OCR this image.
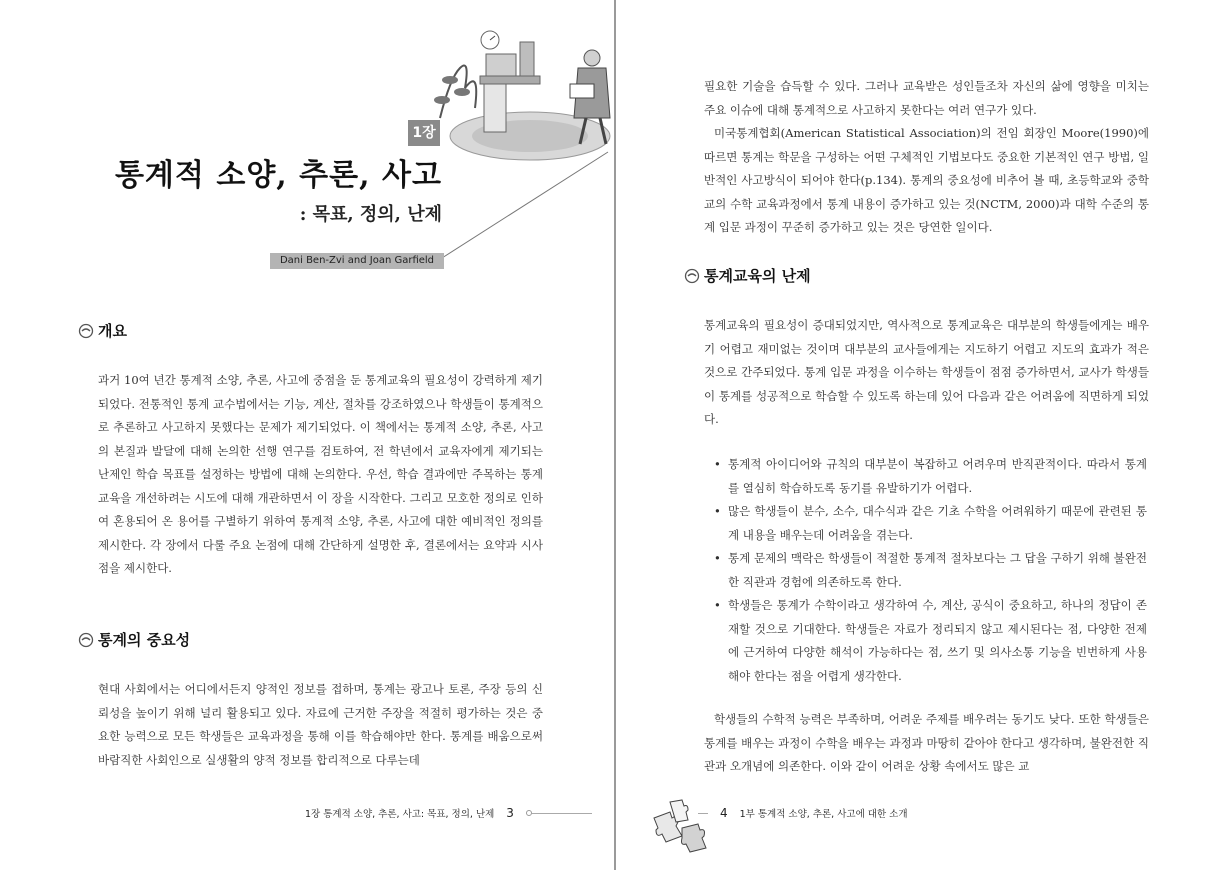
1장
통계적 소양, 추론, 사고
: 목표, 정의, 난제
Dani Ben-Zvi and Joan Garfield
개요

과거 10여 년간 통계적 소양, 추론, 사고에 중점을 둔 통계교육의 필요성이 강력하게 제기되었다. 전통적인 통계 교수법에서는 기능, 계산, 절차를 강조하였으나 학생들이 통계적으로 추론하고 사고하지 못했다는 문제가 제기되었다. 이 책에서는 통계적 소양, 추론, 사고의 본질과 발달에 대해 논의한 선행 연구를 검토하여, 전 학년에서 교육자에게 제기되는 난제인 학습 목표를 설정하는 방법에 대해 논의한다. 우선, 학습 결과에만 주목하는 통계교육을 개선하려는 시도에 대해 개관하면서 이 장을 시작한다. 그리고 모호한 정의로 인하여 혼용되어 온 용어를 구별하기 위하여 통계적 소양, 추론, 사고에 대한 예비적인 정의를 제시한다. 각 장에서 다룰 주요 논점에 대해 간단하게 설명한 후, 결론에서는 요약과 시사점을 제시한다.

통계의 중요성

현대 사회에서는 어디에서든지 양적인 정보를 접하며, 통계는 광고나 토론, 주장 등의 신뢰성을 높이기 위해 널리 활용되고 있다. 자료에 근거한 주장을 적절히 평가하는 것은 중요한 능력으로 모든 학생들은 교육과정을 통해 이를 학습해야만 한다. 통계를 배움으로써 바람직한 사회인으로 실생활의 양적 정보를 합리적으로 다루는데

1장 통계적 소양, 추론, 사고: 목표, 정의, 난제 3

필요한 기술을 습득할 수 있다. 그러나 교육받은 성인들조차 자신의 삶에 영향을 미치는 주요 이슈에 대해 통계적으로 사고하지 못한다는 여러 연구가 있다.

미국통계협회(American Statistical Association)의 전임 회장인 Moore(1990)에 따르면 통계는 학문을 구성하는 어떤 구체적인 기법보다도 중요한 기본적인 연구 방법, 일반적인 사고방식이 되어야 한다(p.134). 통계의 중요성에 비추어 볼 때, 초등학교와 중학교의 수학 교육과정에서 통계 내용이 증가하고 있는 것(NCTM, 2000)과 대학 수준의 통계 입문 과정이 꾸준히 증가하고 있는 것은 당연한 일이다.

통계교육의 난제

통계교육의 필요성이 증대되었지만, 역사적으로 통계교육은 대부분의 학생들에게는 배우기 어렵고 재미없는 것이며 대부분의 교사들에게는 지도하기 어렵고 지도의 효과가 적은 것으로 간주되었다. 통계 입문 과정을 이수하는 학생들이 점점 증가하면서, 교사가 학생들이 통계를 성공적으로 학습할 수 있도록 하는데 있어 다음과 같은 어려움에 직면하게 되었다.

• 통계적 아이디어와 규칙의 대부분이 복잡하고 어려우며 반직관적이다. 따라서 통계를 열심히 학습하도록 동기를 유발하기가 어렵다.
• 많은 학생들이 분수, 소수, 대수식과 같은 기초 수학을 어려워하기 때문에 관련된 통계 내용을 배우는데 어려움을 겪는다.
• 통계 문제의 맥락은 학생들이 적절한 통계적 절차보다는 그 답을 구하기 위해 불완전한 직관과 경험에 의존하도록 한다.
• 학생들은 통계가 수학이라고 생각하여 수, 계산, 공식이 중요하고, 하나의 정답이 존재할 것으로 기대한다. 학생들은 자료가 정리되지 않고 제시된다는 점, 다양한 전제에 근거하여 다양한 해석이 가능하다는 점, 쓰기 및 의사소통 기능을 빈번하게 사용해야 한다는 점을 어렵게 생각한다.

학생들의 수학적 능력은 부족하며, 어려운 주제를 배우려는 동기도 낮다. 또한 학생들은 통계를 배우는 과정이 수학을 배우는 과정과 마땅히 같아야 한다고 생각하며, 불완전한 직관과 오개념에 의존한다. 이와 같이 어려운 상황 속에서도 많은 교

4 1부 통계적 소양, 추론, 사고에 대한 소개
